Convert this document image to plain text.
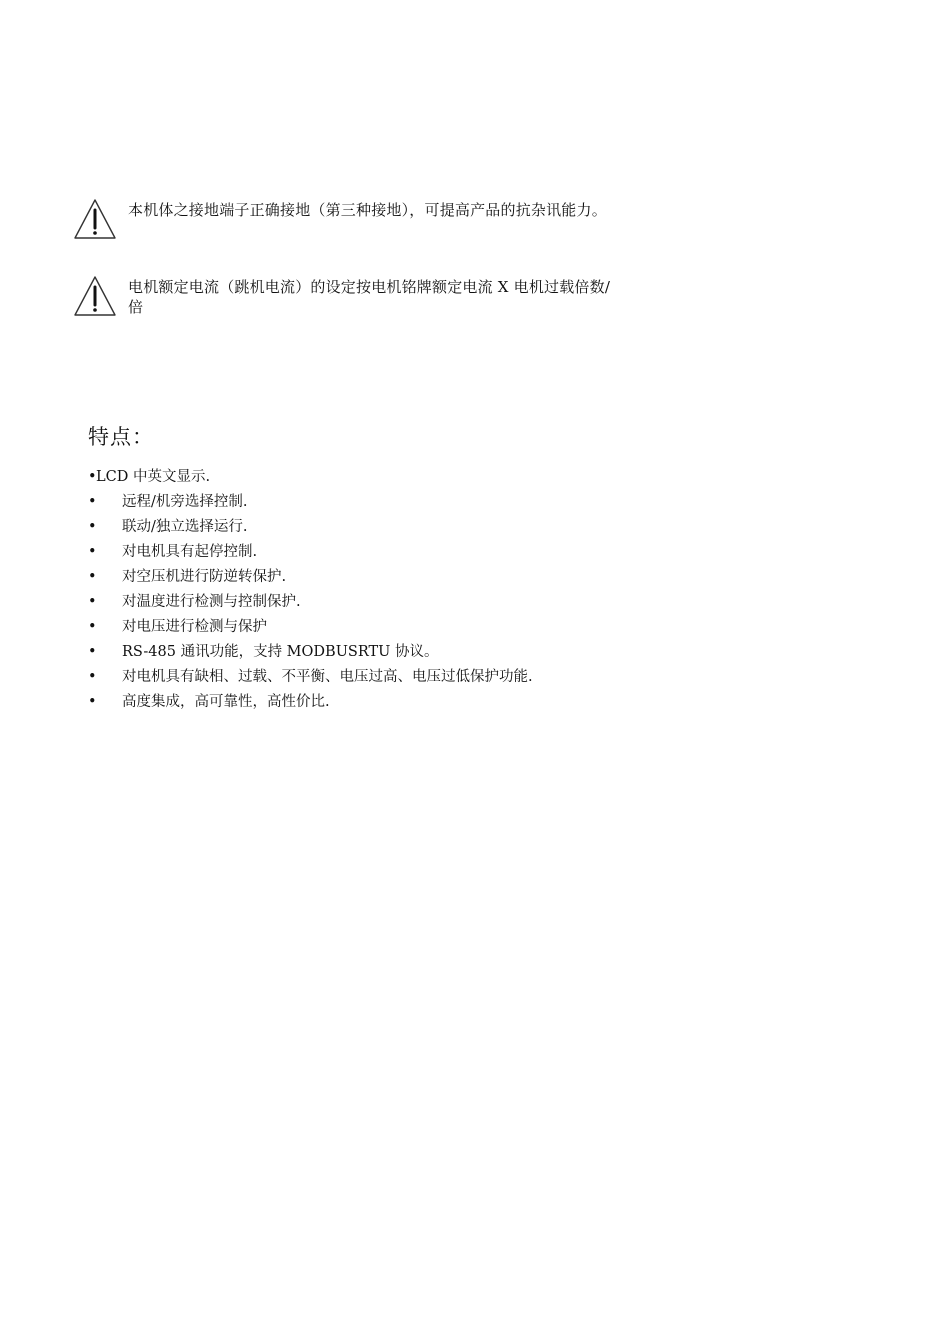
本机体之接地端子正确接地（第三种接地），可提高产品的抗杂讯能力。
电机额定电流（跳机电流）的设定按电机铭牌额定电流 X 电机过载倍数/
倍
特点：
• LCD 中英文显示.
• 远程/机旁选择控制.
• 联动/独立选择运行.
• 对电机具有起停控制.
• 对空压机进行防逆转保护.
• 对温度进行检测与控制保护.
• 对电压进行检测与保护
• RS-485 通讯功能，支持 MODBUSRTU 协议。
• 对电机具有缺相、过载、不平衡、电压过高、电压过低保护功能.
• 高度集成，高可靠性，高性价比.
